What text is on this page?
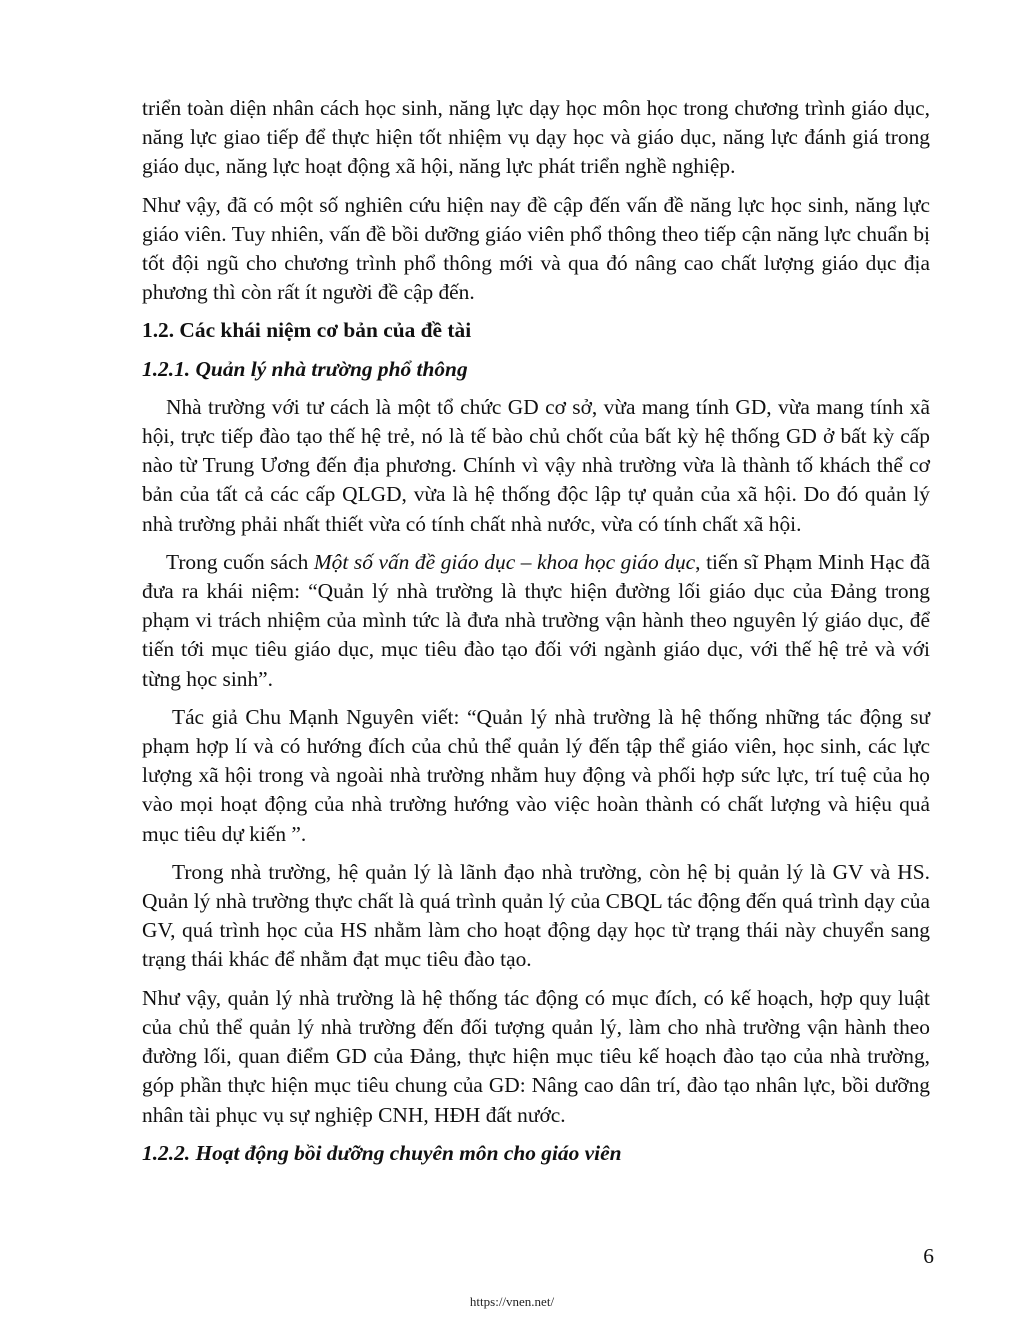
triển toàn diện nhân cách học sinh, năng lực dạy học môn học trong chương trình giáo dục, năng lực giao tiếp để thực hiện tốt nhiệm vụ dạy học và giáo dục, năng lực đánh giá trong giáo dục, năng lực hoạt động xã hội, năng lực phát triển nghề nghiệp.

Như vậy, đã có một số nghiên cứu hiện nay đề cập đến vấn đề năng lực học sinh, năng lực giáo viên. Tuy nhiên, vấn đề bồi dưỡng giáo viên phổ thông theo tiếp cận năng lực chuẩn bị tốt đội ngũ cho chương trình phổ thông mới và qua đó nâng cao chất lượng giáo dục địa phương thì còn rất ít người đề cập đến.

1.2. Các khái niệm cơ bản của đề tài
1.2.1. Quản lý nhà trường phổ thông

Nhà trường với tư cách là một tổ chức GD cơ sở, vừa mang tính GD, vừa mang tính xã hội, trực tiếp đào tạo thế hệ trẻ, nó là tế bào chủ chốt của bất kỳ hệ thống GD ở bất kỳ cấp nào từ Trung Ương đến địa phương. Chính vì vậy nhà trường vừa là thành tố khách thể cơ bản của tất cả các cấp QLGD, vừa là hệ thống độc lập tự quản của xã hội. Do đó quản lý nhà trường phải nhất thiết vừa có tính chất nhà nước, vừa có tính chất xã hội.

Trong cuốn sách Một số vấn đề giáo dục – khoa học giáo dục, tiến sĩ Phạm Minh Hạc đã đưa ra khái niệm: “Quản lý nhà trường là thực hiện đường lối giáo dục của Đảng trong phạm vi trách nhiệm của mình tức là đưa nhà trường vận hành theo nguyên lý giáo dục, để tiến tới mục tiêu giáo dục, mục tiêu đào tạo đối với ngành giáo dục, với thế hệ trẻ và với từng học sinh”.

Tác giả Chu Mạnh Nguyên viết: “Quản lý nhà trường là hệ thống những tác động sư phạm hợp lí và có hướng đích của chủ thể quản lý đến tập thể giáo viên, học sinh, các lực lượng xã hội trong và ngoài nhà trường nhằm huy động và phối hợp sức lực, trí tuệ của họ vào mọi hoạt động của nhà trường hướng vào việc hoàn thành có chất lượng và hiệu quả mục tiêu dự kiến ”.

Trong nhà trường, hệ quản lý là lãnh đạo nhà trường, còn hệ bị quản lý là GV và HS. Quản lý nhà trường thực chất là quá trình quản lý của CBQL tác động đến quá trình dạy của GV, quá trình học của HS nhằm làm cho hoạt động dạy học từ trạng thái này chuyển sang trạng thái khác để nhằm đạt mục tiêu đào tạo.

Như vậy, quản lý nhà trường là hệ thống tác động có mục đích, có kế hoạch, hợp quy luật của chủ thể quản lý nhà trường đến đối tượng quản lý, làm cho nhà trường vận hành theo đường lối, quan điểm GD của Đảng, thực hiện mục tiêu kế hoạch đào tạo của nhà trường, góp phần thực hiện mục tiêu chung của GD: Nâng cao dân trí, đào tạo nhân lực, bồi dưỡng nhân tài phục vụ sự nghiệp CNH, HĐH đất nước.

1.2.2. Hoạt động bồi dưỡng chuyên môn cho giáo viên
6
https://vnen.net/
